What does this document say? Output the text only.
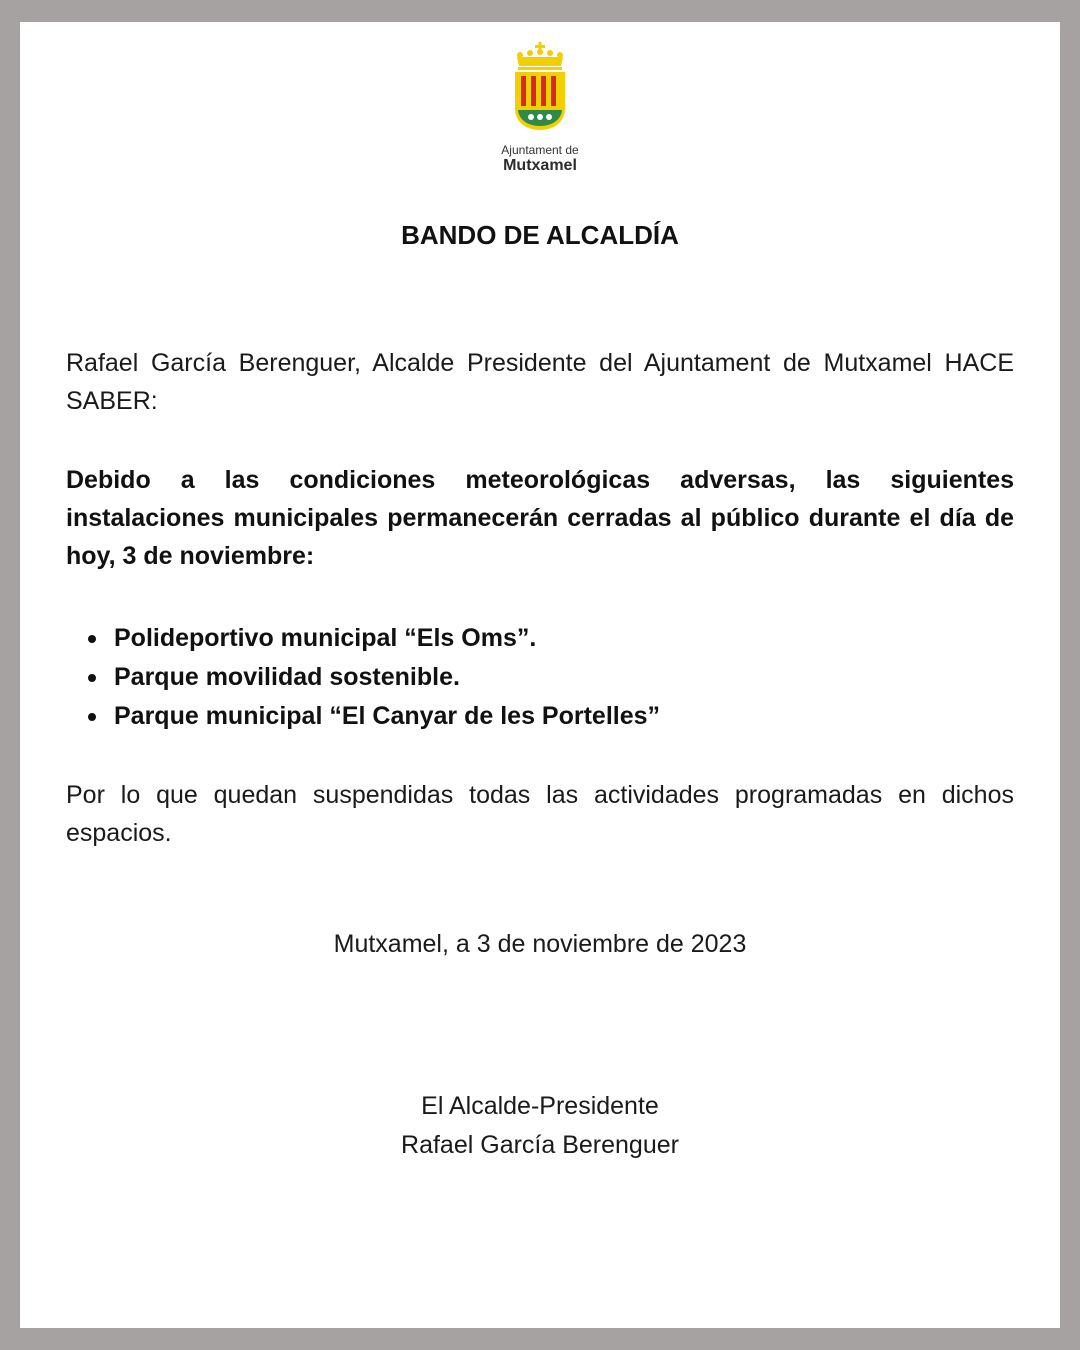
Ajuntament de
Mutxamel
BANDO DE ALCALDÍA
Rafael García Berenguer, Alcalde Presidente del Ajuntament de Mutxamel HACE SABER:
Debido a las condiciones meteorológicas adversas, las siguientes instalaciones municipales permanecerán cerradas al público durante el día de hoy, 3 de noviembre:
Polideportivo municipal “Els Oms”.
Parque movilidad sostenible.
Parque municipal “El Canyar de les Portelles”
Por lo que quedan suspendidas todas las actividades programadas en dichos espacios.
Mutxamel, a 3 de noviembre de 2023
El Alcalde-Presidente
Rafael García Berenguer
